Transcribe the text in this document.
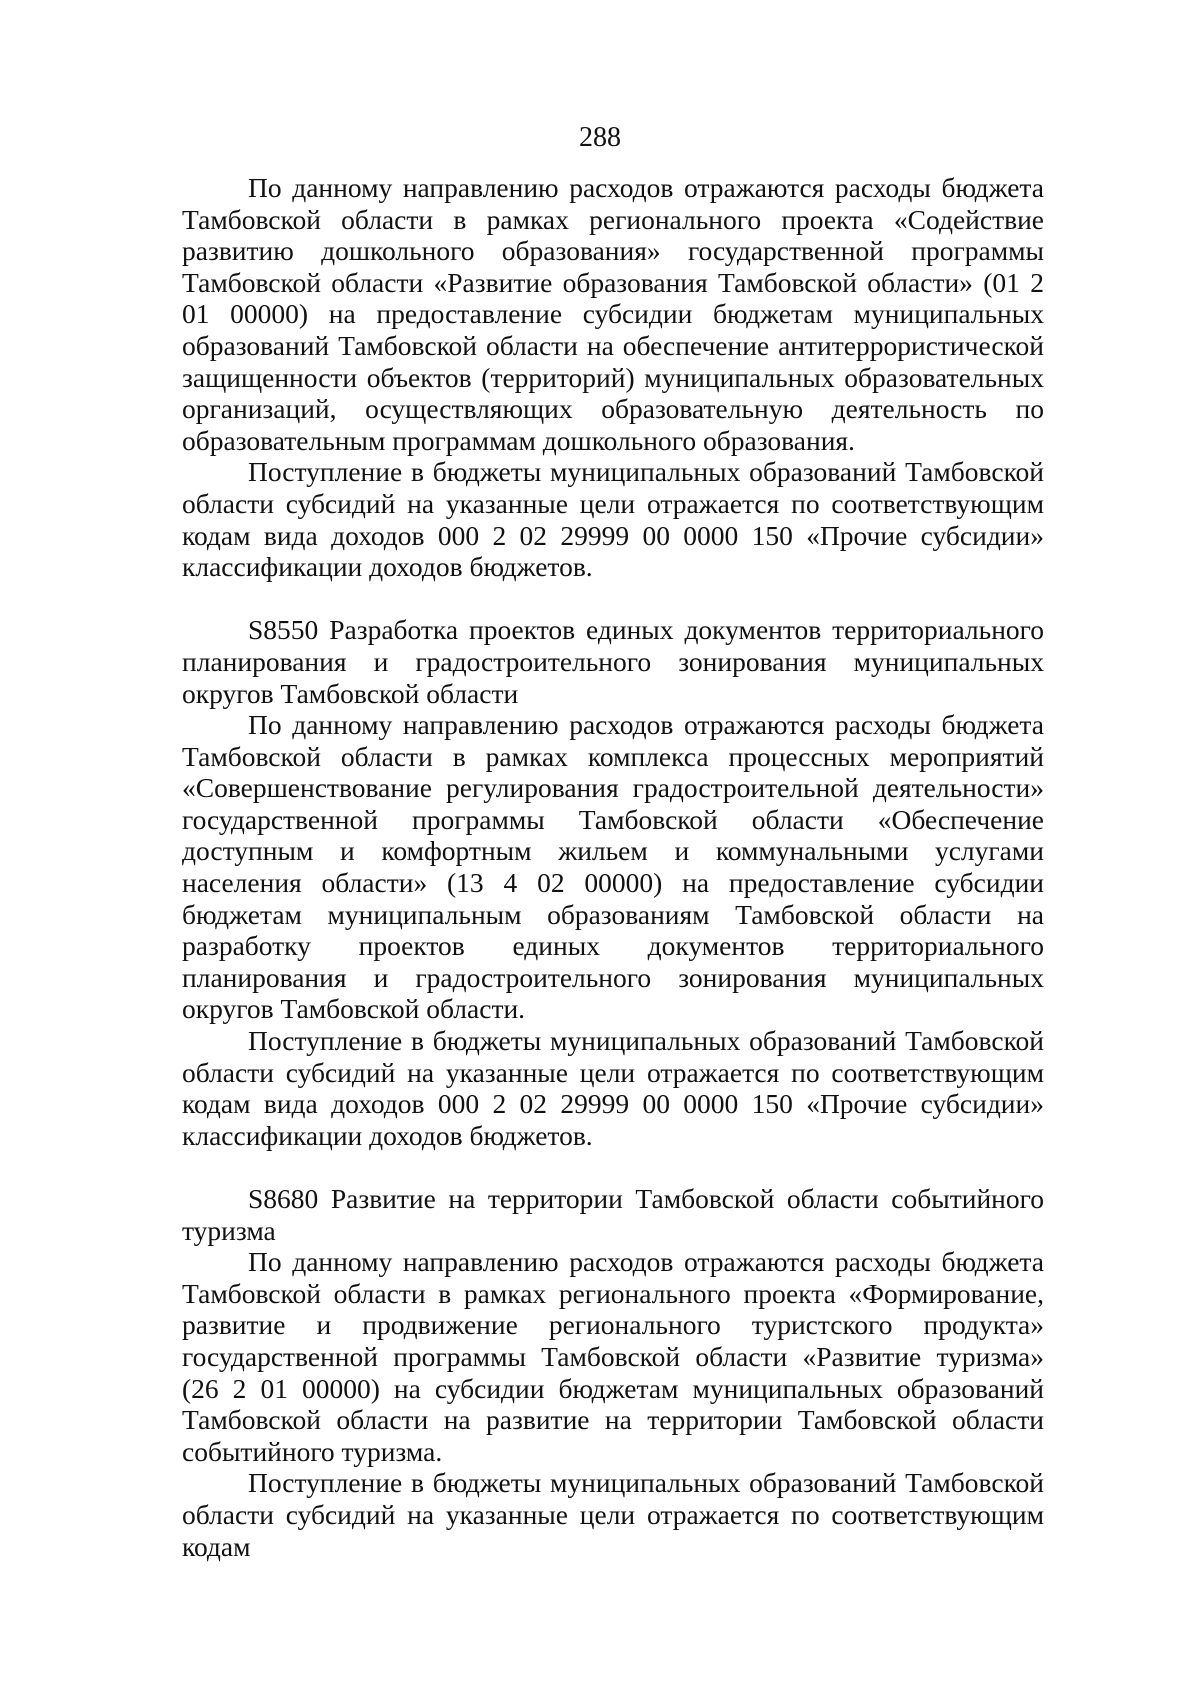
288

По данному направлению расходов отражаются расходы бюджета Тамбовской области в рамках регионального проекта «Содействие развитию дошкольного образования» государственной программы Тамбовской области «Развитие образования Тамбовской области» (01 2 01 00000) на предоставление субсидии бюджетам муниципальных образований Тамбовской области на обеспечение антитеррористической защищенности объектов (территорий) муниципальных образовательных организаций, осуществляющих образовательную деятельность по образовательным программам дошкольного образования.

Поступление в бюджеты муниципальных образований Тамбовской области субсидий на указанные цели отражается по соответствующим кодам вида доходов 000 2 02 29999 00 0000 150 «Прочие субсидии» классификации доходов бюджетов.

S8550 Разработка проектов единых документов территориального планирования и градостроительного зонирования муниципальных округов Тамбовской области

По данному направлению расходов отражаются расходы бюджета Тамбовской области в рамках комплекса процессных мероприятий «Совершенствование регулирования градостроительной деятельности» государственной программы Тамбовской области «Обеспечение доступным и комфортным жильем и коммунальными услугами населения области» (13 4 02 00000) на предоставление субсидии бюджетам муниципальным образованиям Тамбовской области на разработку проектов единых документов территориального планирования и градостроительного зонирования муниципальных округов Тамбовской области.

Поступление в бюджеты муниципальных образований Тамбовской области субсидий на указанные цели отражается по соответствующим кодам вида доходов 000 2 02 29999 00 0000 150 «Прочие субсидии» классификации доходов бюджетов.

S8680 Развитие на территории Тамбовской области событийного туризма

По данному направлению расходов отражаются расходы бюджета Тамбовской области в рамках регионального проекта «Формирование, развитие и продвижение регионального туристского продукта» государственной программы Тамбовской области «Развитие туризма» (26 2 01 00000) на субсидии бюджетам муниципальных образований Тамбовской области на развитие на территории Тамбовской области событийного туризма.

Поступление в бюджеты муниципальных образований Тамбовской области субсидий на указанные цели отражается по соответствующим кодам
